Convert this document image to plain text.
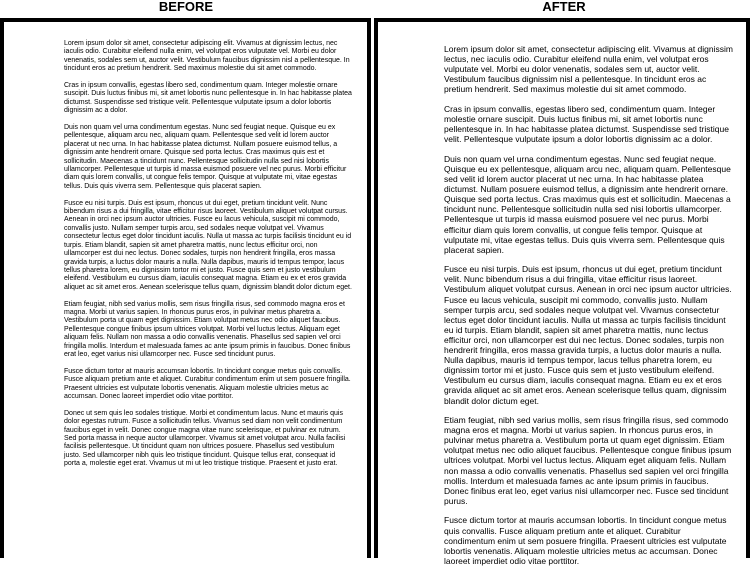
BEFORE	AFTER

Lorem ipsum dolor sit amet, consectetur adipiscing elit. Vivamus at dignissim lectus, nec iaculis odio. Curabitur eleifend nulla enim, vel volutpat eros vulputate vel. Morbi eu dolor venenatis, sodales sem ut, auctor velit. Vestibulum faucibus dignissim nisl a pellentesque. In tincidunt eros ac pretium hendrerit. Sed maximus molestie dui sit amet commodo.

Cras in ipsum convallis, egestas libero sed, condimentum quam. Integer molestie ornare suscipit. Duis luctus finibus mi, sit amet lobortis nunc pellentesque in. In hac habitasse platea dictumst. Suspendisse sed tristique velit. Pellentesque vulputate ipsum a dolor lobortis dignissim ac a dolor.

Duis non quam vel urna condimentum egestas. Nunc sed feugiat neque. Quisque eu ex pellentesque, aliquam arcu nec, aliquam quam. Pellentesque sed velit id lorem auctor placerat ut nec urna. In hac habitasse platea dictumst. Nullam posuere euismod tellus, a dignissim ante hendrerit ornare. Quisque sed porta lectus. Cras maximus quis est et sollicitudin. Maecenas a tincidunt nunc. Pellentesque sollicitudin nulla sed nisi lobortis ullamcorper. Pellentesque ut turpis id massa euismod posuere vel nec purus. Morbi efficitur diam quis lorem convallis, ut congue felis tempor. Quisque at vulputate mi, vitae egestas tellus. Duis quis viverra sem. Pellentesque quis placerat sapien.

Fusce eu nisi turpis. Duis est ipsum, rhoncus ut dui eget, pretium tincidunt velit. Nunc bibendum risus a dui fringilla, vitae efficitur risus laoreet. Vestibulum aliquet volutpat cursus. Aenean in orci nec ipsum auctor ultricies. Fusce eu lacus vehicula, suscipit mi commodo, convallis justo. Nullam semper turpis arcu, sed sodales neque volutpat vel. Vivamus consectetur lectus eget dolor tincidunt iaculis. Nulla ut massa ac turpis facilisis tincidunt eu id turpis. Etiam blandit, sapien sit amet pharetra mattis, nunc lectus efficitur orci, non ullamcorper est dui nec lectus. Donec sodales, turpis non hendrerit fringilla, eros massa gravida turpis, a luctus dolor mauris a nulla. Nulla dapibus, mauris id tempus tempor, lacus tellus pharetra lorem, eu dignissim tortor mi et justo. Fusce quis sem et justo vestibulum eleifend. Vestibulum eu cursus diam, iaculis consequat magna. Etiam eu ex et eros gravida aliquet ac sit amet eros. Aenean scelerisque tellus quam, dignissim blandit dolor dictum eget.

Etiam feugiat, nibh sed varius mollis, sem risus fringilla risus, sed commodo magna eros et magna. Morbi ut varius sapien. In rhoncus purus eros, in pulvinar metus pharetra a. Vestibulum porta ut quam eget dignissim. Etiam volutpat metus nec odio aliquet faucibus. Pellentesque congue finibus ipsum ultrices volutpat. Morbi vel luctus lectus. Aliquam eget aliquam felis. Nullam non massa a odio convallis venenatis. Phasellus sed sapien vel orci fringilla mollis. Interdum et malesuada fames ac ante ipsum primis in faucibus. Donec finibus erat leo, eget varius nisi ullamcorper nec. Fusce sed tincidunt purus.

Fusce dictum tortor at mauris accumsan lobortis. In tincidunt congue metus quis convallis. Fusce aliquam pretium ante et aliquet. Curabitur condimentum enim ut sem posuere fringilla. Praesent ultricies est vulputate lobortis venenatis. Aliquam molestie ultricies metus ac accumsan. Donec laoreet imperdiet odio vitae porttitor.

Donec ut sem quis leo sodales tristique. Morbi et condimentum lacus. Nunc et mauris quis dolor egestas rutrum. Fusce a sollicitudin tellus. Vivamus sed diam non velit condimentum faucibus eget in velit. Donec congue magna vitae nunc scelerisque, et pulvinar ex rutrum. Sed porta massa in neque auctor ullamcorper. Vivamus sit amet volutpat arcu. Nulla facilisi facilisis pellentesque. Ut tincidunt quam non ultrices posuere. Phasellus sed vestibulum justo. Sed ullamcorper nibh quis leo tristique tincidunt. Quisque tellus erat, consequat id porta a, molestie eget erat. Vivamus ut mi ut leo tristique tristique. Praesent et justo erat.

Lorem ipsum dolor sit amet, consectetur adipiscing elit. Vivamus at dignissim lectus, nec iaculis odio. Curabitur eleifend nulla enim, vel volutpat eros vulputate vel. Morbi eu dolor venenatis, sodales sem ut, auctor velit. Vestibulum faucibus dignissim nisl a pellentesque. In tincidunt eros ac pretium hendrerit. Sed maximus molestie dui sit amet commodo.

Cras in ipsum convallis, egestas libero sed, condimentum quam. Integer molestie ornare suscipit. Duis luctus finibus mi, sit amet lobortis nunc pellentesque in. In hac habitasse platea dictumst. Suspendisse sed tristique velit. Pellentesque vulputate ipsum a dolor lobortis dignissim ac a dolor.

Duis non quam vel urna condimentum egestas. Nunc sed feugiat neque. Quisque eu ex pellentesque, aliquam arcu nec, aliquam quam. Pellentesque sed velit id lorem auctor placerat ut nec urna. In hac habitasse platea dictumst. Nullam posuere euismod tellus, a dignissim ante hendrerit ornare. Quisque sed porta lectus. Cras maximus quis est et sollicitudin. Maecenas a tincidunt nunc. Pellentesque sollicitudin nulla sed nisi lobortis ullamcorper. Pellentesque ut turpis id massa euismod posuere vel nec purus. Morbi efficitur diam quis lorem convallis, ut congue felis tempor. Quisque at vulputate mi, vitae egestas tellus. Duis quis viverra sem. Pellentesque quis placerat sapien.

Fusce eu nisi turpis. Duis est ipsum, rhoncus ut dui eget, pretium tincidunt velit. Nunc bibendum risus a dui fringilla, vitae efficitur risus laoreet. Vestibulum aliquet volutpat cursus. Aenean in orci nec ipsum auctor ultricies. Fusce eu lacus vehicula, suscipit mi commodo, convallis justo. Nullam semper turpis arcu, sed sodales neque volutpat vel. Vivamus consectetur lectus eget dolor tincidunt iaculis. Nulla ut massa ac turpis facilisis tincidunt eu id turpis. Etiam blandit, sapien sit amet pharetra mattis, nunc lectus efficitur orci, non ullamcorper est dui nec lectus. Donec sodales, turpis non hendrerit fringilla, eros massa gravida turpis, a luctus dolor mauris a nulla. Nulla dapibus, mauris id tempus tempor, lacus tellus pharetra lorem, eu dignissim tortor mi et justo. Fusce quis sem et justo vestibulum eleifend. Vestibulum eu cursus diam, iaculis consequat magna. Etiam eu ex et eros gravida aliquet ac sit amet eros. Aenean scelerisque tellus quam, dignissim blandit dolor dictum eget.

Etiam feugiat, nibh sed varius mollis, sem risus fringilla risus, sed commodo magna eros et magna. Morbi ut varius sapien. In rhoncus purus eros, in pulvinar metus pharetra a. Vestibulum porta ut quam eget dignissim. Etiam volutpat metus nec odio aliquet faucibus. Pellentesque congue finibus ipsum ultrices volutpat. Morbi vel luctus lectus. Aliquam eget aliquam felis. Nullam non massa a odio convallis venenatis. Phasellus sed sapien vel orci fringilla mollis. Interdum et malesuada fames ac ante ipsum primis in faucibus. Donec finibus erat leo, eget varius nisi ullamcorper nec. Fusce sed tincidunt purus.

Fusce dictum tortor at mauris accumsan lobortis. In tincidunt congue metus quis convallis. Fusce aliquam pretium ante et aliquet. Curabitur condimentum enim ut sem posuere fringilla. Praesent ultricies est vulputate lobortis venenatis. Aliquam molestie ultricies metus ac accumsan. Donec laoreet imperdiet odio vitae porttitor.
